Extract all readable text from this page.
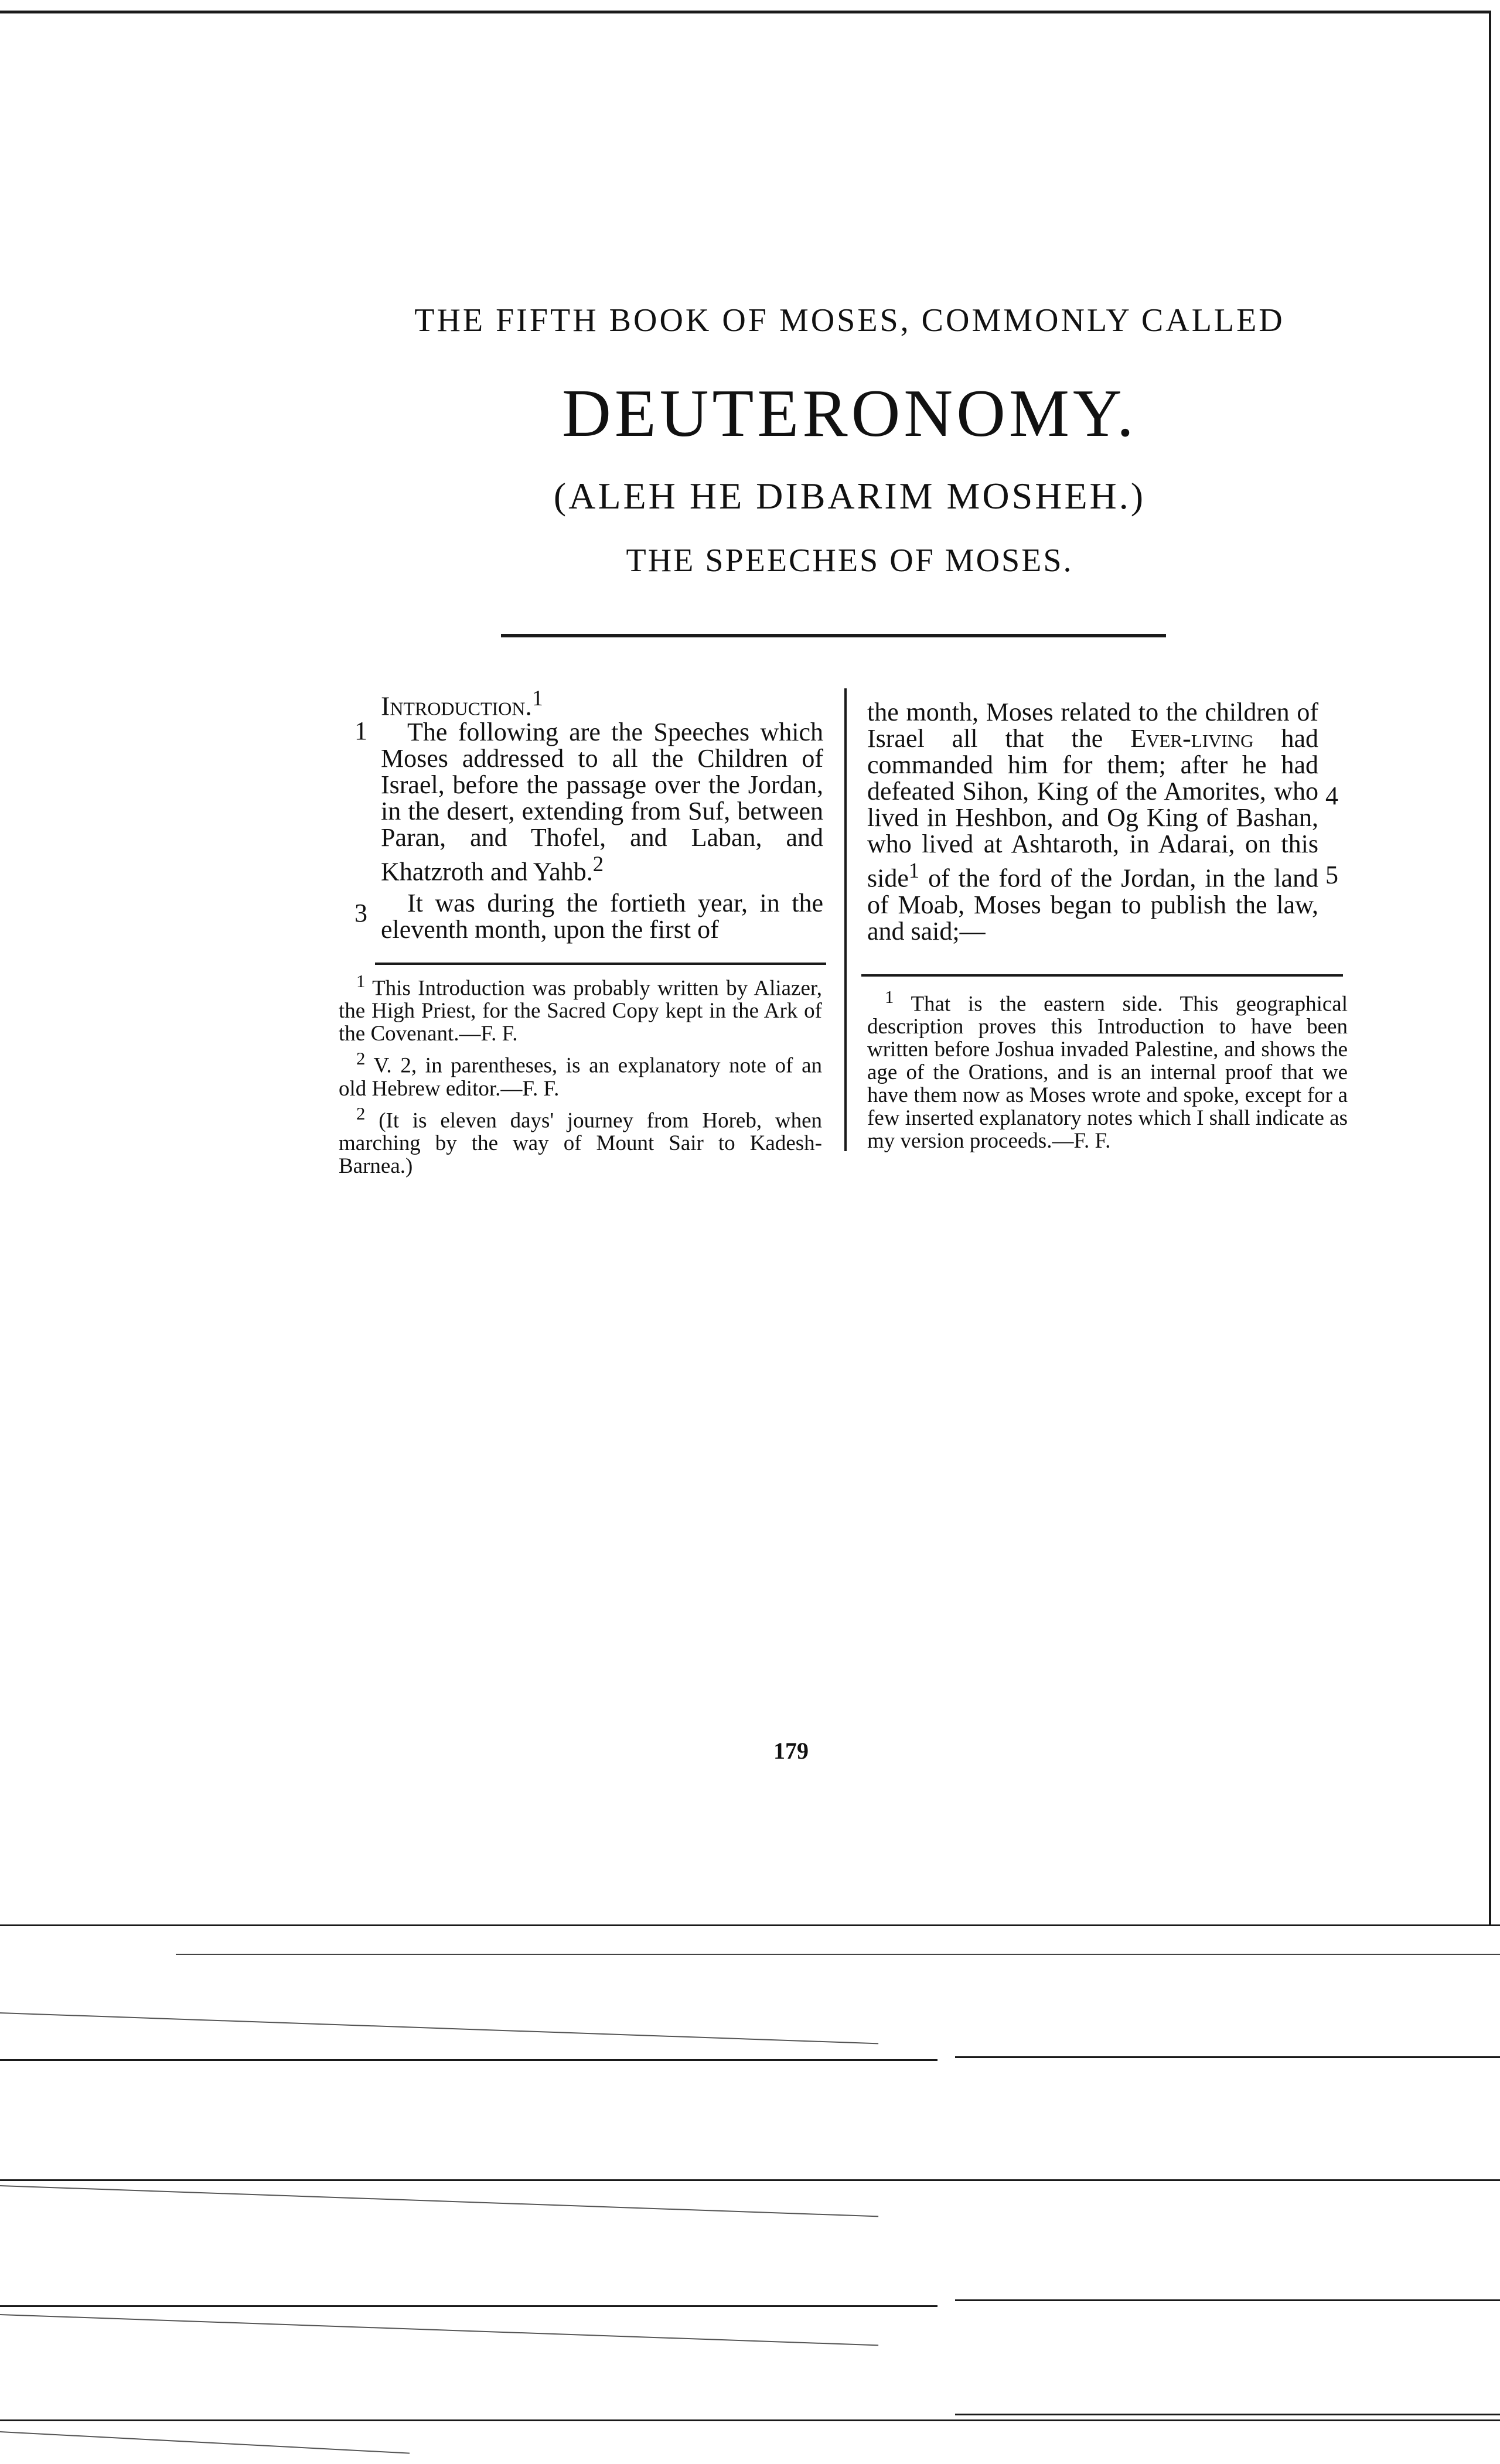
THE FIFTH BOOK OF MOSES, COMMONLY CALLED
DEUTERONOMY.
(ALEH HE DIBARIM MOSHEH.)
THE SPEECHES OF MOSES.

Introduction.$^1$

The following are the Speeches which Moses addressed to all the Children of Israel, before the passage over the Jordan, in the desert, extending from Suf, between Paran, and Thofel, and Laban, and Khatzroth and Yahb.$^2$

It was during the fortieth year, in the eleventh month, upon the first of

1
3

$^1$ This Introduction was probably written by Aliazer, the High Priest, for the Sacred Copy kept in the Ark of the Covenant.—F. F.

$^2$ V. 2, in parentheses, is an explanatory note of an old Hebrew editor.—F. F.

$^2$ (It is eleven days' journey from Horeb, when marching by the way of Mount Sair to Kadesh-Barnea.)

the month, Moses related to the children of Israel all that the Ever-living had commanded him for them; after he had defeated Sihon, King of the Amorites, who lived in Heshbon, and Og King of Bashan, who lived at Ashtaroth, in Adarai, on this side$^1$ of the ford of the Jordan, in the land of Moab, Moses began to publish the law, and said;—

4
5

$^1$ That is the eastern side. This geographical description proves this Introduction to have been written before Joshua invaded Palestine, and shows the age of the Orations, and is an internal proof that we have them now as Moses wrote and spoke, except for a few inserted explanatory notes which I shall indicate as my version proceeds.—F. F.

179
